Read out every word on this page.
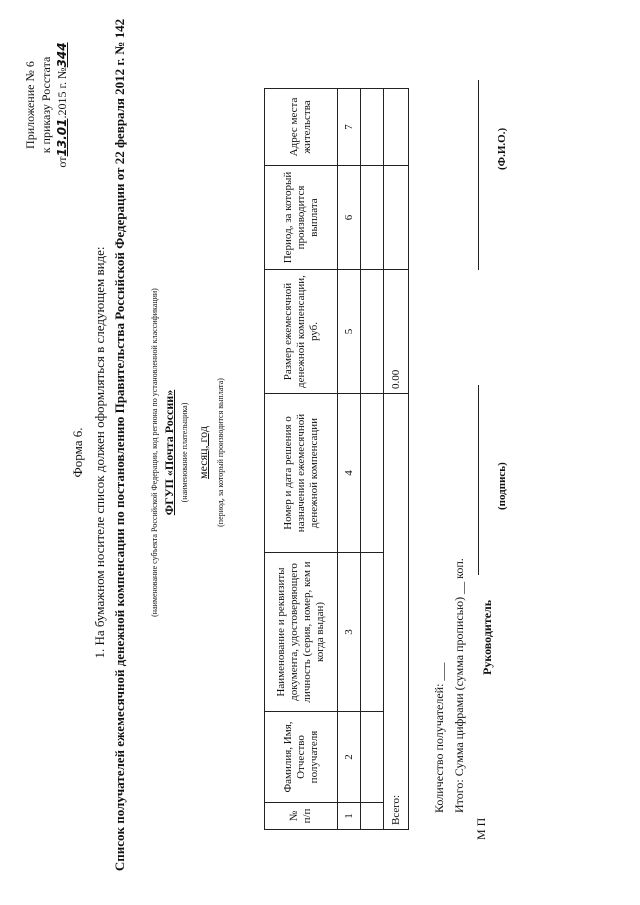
Приложение № 6 к приказу Росстата
от13.01.2015 г. №344
Форма 6. 1. На бумажном носителе список должен оформляться в следующем виде: Список получателей ежемесячной денежной компенсации по постановлению Правительства Российской Федерации от 22 февраля 2012 г. № 142	(наименование субъекта Российской Федерации, код региона по установленной классификации) ФГУП «Почта России» (наименование плательщика) месяц, год (период, за который производится выплата)
№ п/п	Фамилия, Имя, Отчество получателя	Наименование и реквизиты документа, удостоверяющего личность (серия, номер, кем и когда выдан)	Номер и дата решения о назначении ежемесячной денежной компенсации	Размер ежемесячной денежной компенсации, руб.	Период, за который производится выплата	Адрес места жительства
1	2	3	4	5	6	7

Всего:				0.00		
Количество получателей: ___ Итого: Сумма цифрами (сумма прописью) __ коп.
М П
Руководитель
(подпись)
(Ф.И.О.)
